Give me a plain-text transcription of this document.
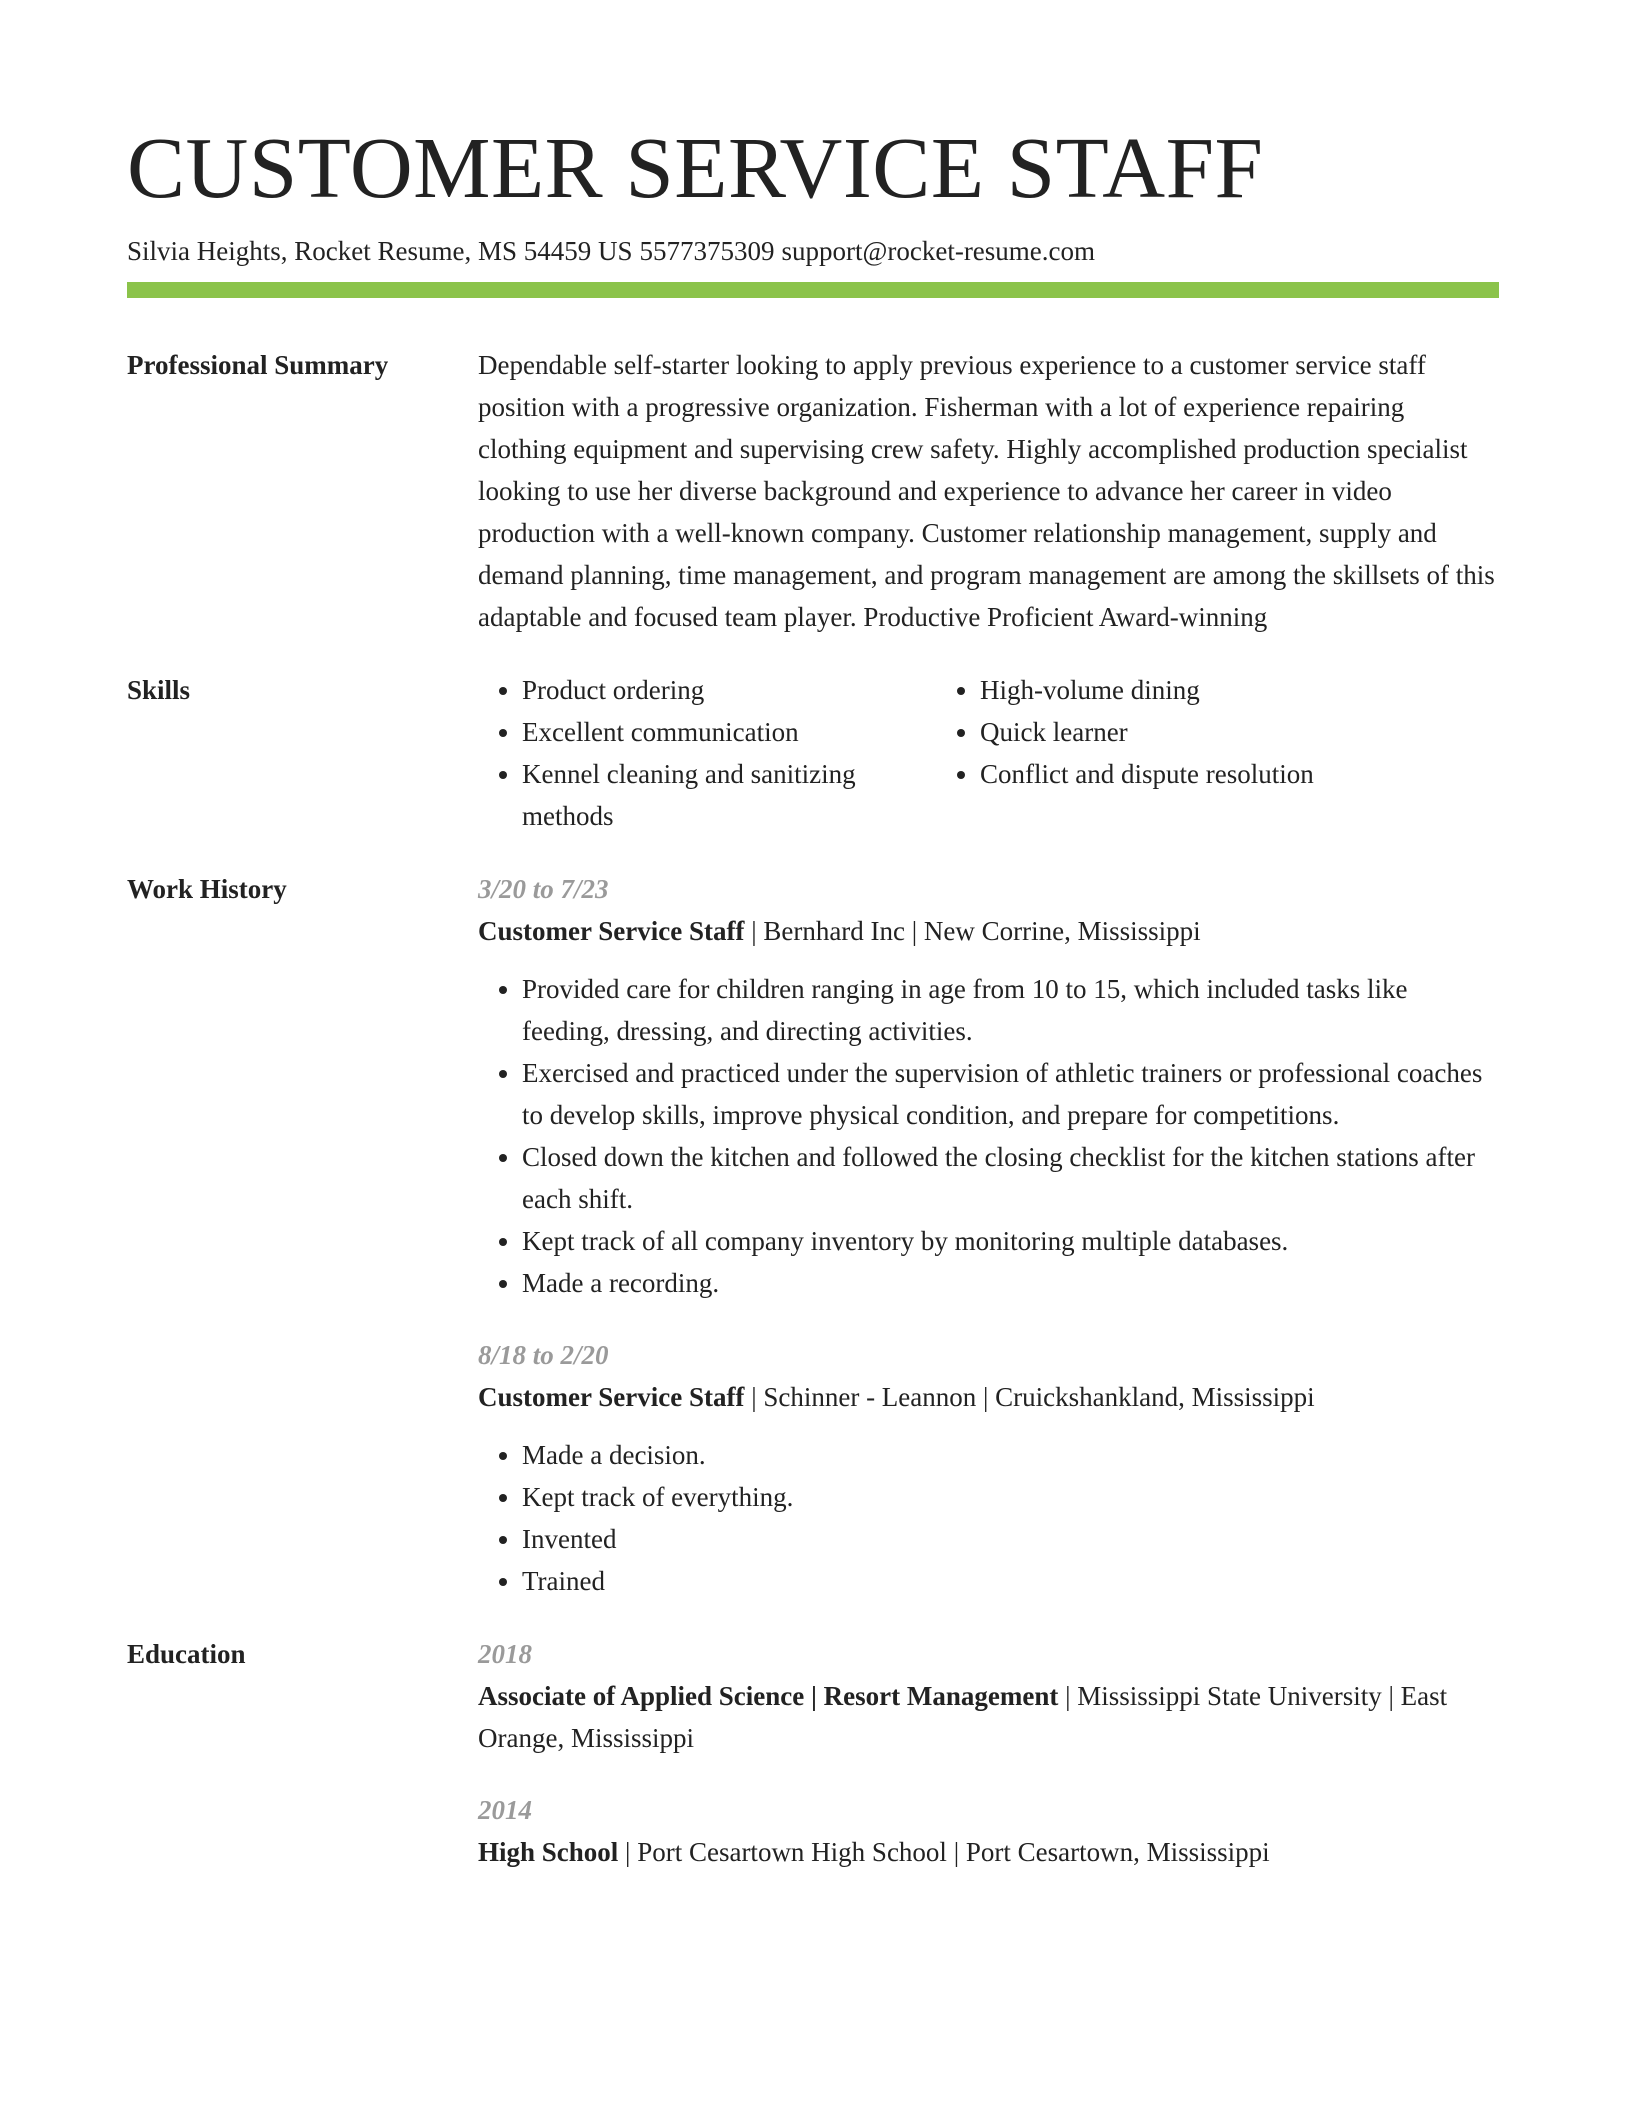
CUSTOMER SERVICE STAFF
Silvia Heights, Rocket Resume, MS 54459 US 5577375309 support@rocket-resume.com
Professional Summary	Dependable self-starter looking to apply previous experience to a customer service staff position with a progressive organization. Fisherman with a lot of experience repairing clothing equipment and supervising crew safety. Highly accomplished production specialist looking to use her diverse background and experience to advance her career in video production with a well-known company. Customer relationship management, supply and demand planning, time management, and program management are among the skillsets of this adaptable and focused team player. Productive Proficient Award-winning

Skills
•	Product ordering
• Excellent communication
• Kennel cleaning and sanitizing methods
• High-volume dining
• Quick learner
• Conflict and dispute resolution
Work History	3/20 to 7/23
Customer Service Staff | Bernhard Inc | New Corrine, Mississippi
• Provided care for children ranging in age from 10 to 15, which included tasks like feeding, dressing, and directing activities.
• Exercised and practiced under the supervision of athletic trainers or professional coaches to develop skills, improve physical condition, and prepare for competitions.
• Closed down the kitchen and followed the closing checklist for the kitchen stations after each shift.
• Kept track of all company inventory by monitoring multiple databases.
• Made a recording.
8/18 to 2/20
Customer Service Staff | Schinner - Leannon | Cruickshankland, Mississippi
• Made a decision.
• Kept track of everything.
• Invented
• Trained
Education	2018
Associate of Applied Science | Resort Management | Mississippi State University | East Orange, Mississippi
2014
High School | Port Cesartown High School | Port Cesartown, Mississippi
